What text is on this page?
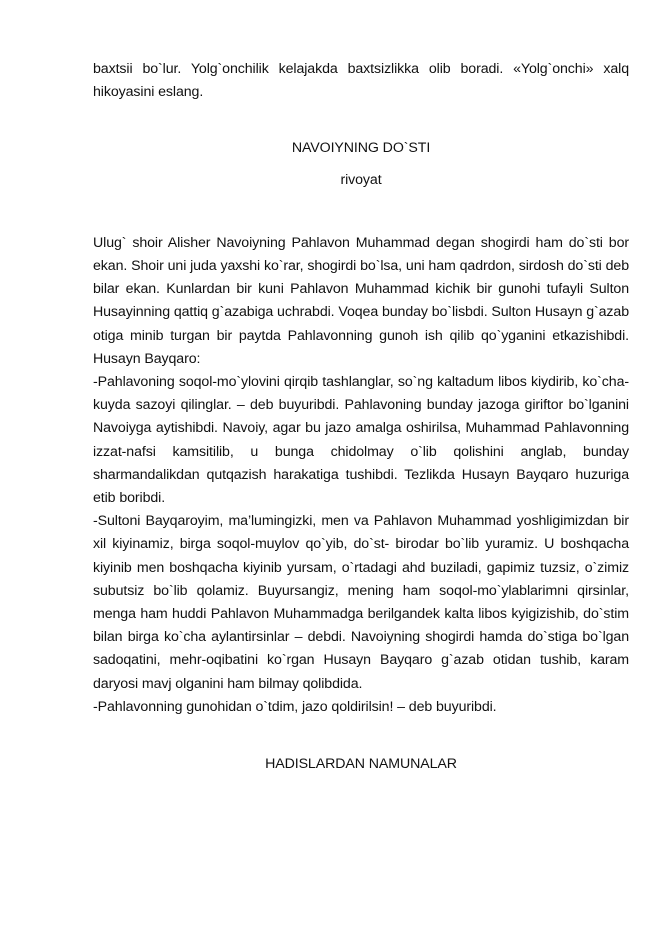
baxtsii bo`lur. Yolg`onchilik kelajakda baxtsizlikka olib boradi. «Yolg`onchi» xalq hikoyasini eslang.

NAVOIYNING DO`STI

rivoyat

Ulug` shoir Alisher Navoiyning Pahlavon Muhammad degan shogirdi ham do`sti bor ekan. Shoir uni juda yaxshi ko`rar, shogirdi bo`lsa, uni ham qadrdon, sirdosh do`sti deb bilar ekan. Kunlardan bir kuni Pahlavon Muhammad kichik bir gunohi tufayli Sulton Husayinning qattiq g`azabiga uchrabdi. Voqea bunday bo`lisbdi. Sulton Husayn g`azab otiga minib turgan bir paytda Pahlavonning gunoh ish qilib qo`yganini etkazishibdi. Husayn Bayqaro:

-Pahlavoning soqol-mo`ylovini qirqib tashlanglar, so`ng kaltadum libos kiydirib, ko`cha-kuyda sazoyi qilinglar. – deb buyuribdi. Pahlavoning bunday jazoga giriftor bo`lganini Navoiyga aytishibdi. Navoiy, agar bu jazo amalga oshirilsa, Muhammad Pahlavonning izzat-nafsi kamsitilib, u bunga chidolmay o`lib qolishini anglab, bunday sharmandalikdan qutqazish harakatiga tushibdi. Tezlikda Husayn Bayqaro huzuriga etib boribdi.

-Sultoni Bayqaroyim, ma’lumingizki, men va Pahlavon Muhammad yoshligimizdan bir xil kiyinamiz, birga soqol-muylov qo`yib, do`st- birodar bo`lib yuramiz. U boshqacha kiyinib men boshqacha kiyinib yursam, o`rtadagi ahd buziladi, gapimiz tuzsiz, o`zimiz subutsiz bo`lib qolamiz. Buyursangiz, mening ham soqol-mo`ylablarimni qirsinlar, menga ham huddi Pahlavon Muhammadga berilgandek kalta libos kyigizishib, do`stim bilan birga ko`cha aylantirsinlar – debdi. Navoiyning shogirdi hamda do`stiga bo`lgan sadoqatini, mehr-oqibatini ko`rgan Husayn Bayqaro g`azab otidan tushib, karam daryosi mavj olganini ham bilmay qolibdida.

-Pahlavonning gunohidan o`tdim, jazo qoldirilsin! – deb buyuribdi.

HADISLARDAN NAMUNALAR
